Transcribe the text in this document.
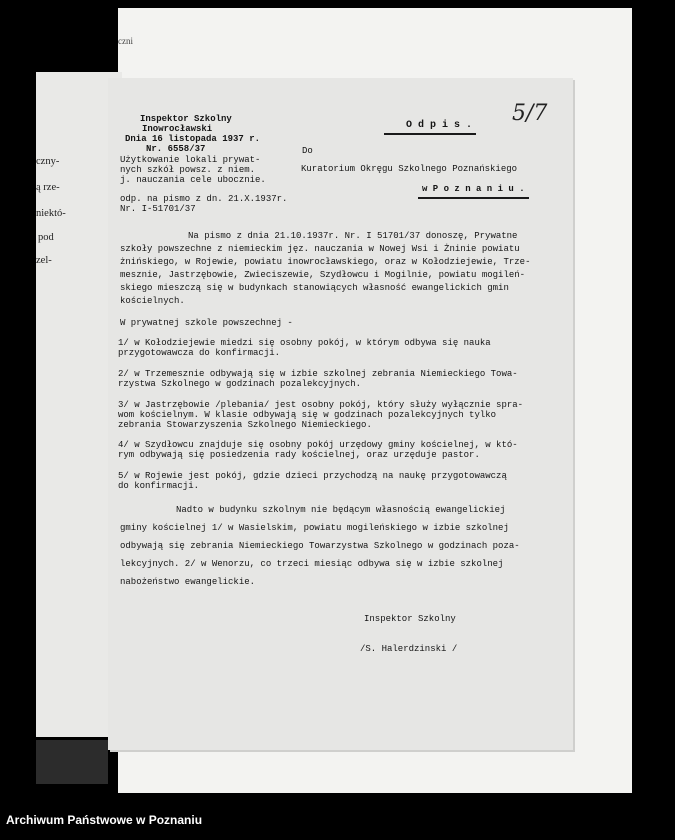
czni
czny-
ą rze-
niektó-
pod
zel-
Inspektor Szkolny
Inowrocławski
Dnia 16 listopada 1937 r.
Nr. 6558/37
Użytkowanie lokali prywat-
nych szkół powsz. z niem.
j. nauczania cele ubocznie.
odp. na pismo z dn. 21.X.1937r.
Nr. I-51701/37
O d p i s . 5/7
Do
Kuratorium Okręgu Szkolnego Poznańskiego
w P o z n a n i u .
Na pismo z dnia 21.10.1937r. Nr. I 51701/37 donoszę, Prywatne
szkoły powszechne z niemieckim jęz. nauczania w Nowej Wsi i Żninie powiatu
żnińskiego, w Rojewie, powiatu inowrocławskiego, oraz w Kołodziejewie, Trze-
mesznie, Jastrzębowie, Zwieciszewie, Szydłowcu i Mogilnie, powiatu mogileń-
skiego mieszczą się w budynkach stanowiących własność ewangelickich gmin
kościelnych.
W prywatnej szkole powszechnej -
1/ w Kołodziejewie miedzi się osobny pokój, w którym odbywa się nauka
przygotowawcza do konfirmacji.
2/ w Trzemesznie odbywają się w izbie szkolnej zebrania Niemieckiego Towa-
rzystwa Szkolnego w godzinach pozalekcyjnych.
3/ w Jastrzębowie /plebania/ jest osobny pokój, który służy wyłącznie spra-
wom kościelnym. W klasie odbywają się w godzinach pozalekcyjnych tylko
zebrania Stowarzyszenia Szkolnego Niemieckiego.
4/ w Szydłowcu znajduje się osobny pokój urzędowy gminy kościelnej, w któ-
rym odbywają się posiedzenia rady kościelnej, oraz urzęduje pastor.
5/ w Rojewie jest pokój, gdzie dzieci przychodzą na naukę przygotowawczą
do konfirmacji.
Nadto w budynku szkolnym nie będącym własnością ewangelickiej
gminy kościelnej 1/ w Wasielskim, powiatu mogileńskiego w izbie szkolnej
odbywają się zebrania Niemieckiego Towarzystwa Szkolnego w godzinach poza-
lekcyjnych. 2/ w Wenorzu, co trzeci miesiąc odbywa się w izbie szkolnej
nabożeństwo ewangelickie.
Inspektor Szkolny
/S. Halerdzinski /
Archiwum Państwowe w Poznaniu
